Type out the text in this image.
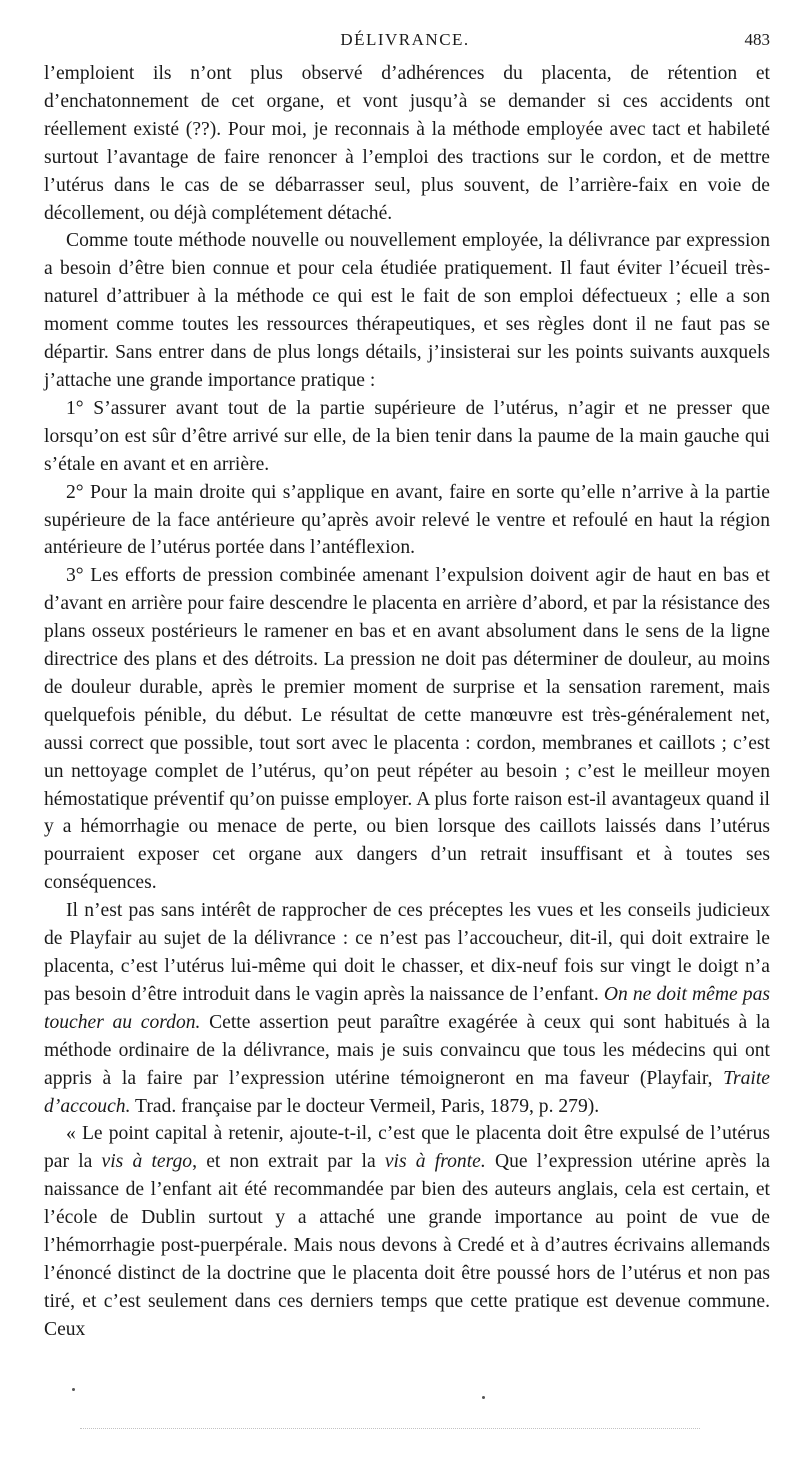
DÉLIVRANCE.	483

l’emploient ils n’ont plus observé d’adhérences du placenta, de rétention et d’enchatonnement de cet organe, et vont jusqu’à se demander si ces accidents ont réellement existé (??). Pour moi, je reconnais à la méthode employée avec tact et habileté surtout l’avantage de faire renoncer à l’emploi des tractions sur le cordon, et de mettre l’utérus dans le cas de se débarrasser seul, plus souvent, de l’arrière-faix en voie de décollement, ou déjà complétement détaché.

Comme toute méthode nouvelle ou nouvellement employée, la délivrance par expression a besoin d’être bien connue et pour cela étudiée pratiquement. Il faut éviter l’écueil très-naturel d’attribuer à la méthode ce qui est le fait de son emploi défectueux ; elle a son moment comme toutes les ressources thérapeutiques, et ses règles dont il ne faut pas se départir. Sans entrer dans de plus longs détails, j’insisterai sur les points suivants auxquels j’attache une grande importance pratique :

1° S’assurer avant tout de la partie supérieure de l’utérus, n’agir et ne presser que lorsqu’on est sûr d’être arrivé sur elle, de la bien tenir dans la paume de la main gauche qui s’étale en avant et en arrière.

2° Pour la main droite qui s’applique en avant, faire en sorte qu’elle n’arrive à la partie supérieure de la face antérieure qu’après avoir relevé le ventre et refoulé en haut la région antérieure de l’utérus portée dans l’antéflexion.

3° Les efforts de pression combinée amenant l’expulsion doivent agir de haut en bas et d’avant en arrière pour faire descendre le placenta en arrière d’abord, et par la résistance des plans osseux postérieurs le ramener en bas et en avant absolument dans le sens de la ligne directrice des plans et des détroits. La pression ne doit pas déterminer de douleur, au moins de douleur durable, après le premier moment de surprise et la sensation rarement, mais quelquefois pénible, du début. Le résultat de cette manœuvre est très-généralement net, aussi correct que possible, tout sort avec le placenta : cordon, membranes et caillots ; c’est un nettoyage complet de l’utérus, qu’on peut répéter au besoin ; c’est le meilleur moyen hémostatique préventif qu’on puisse employer. A plus forte raison est-il avantageux quand il y a hémorrhagie ou menace de perte, ou bien lorsque des caillots laissés dans l’utérus pourraient exposer cet organe aux dangers d’un retrait insuffisant et à toutes ses conséquences.

Il n’est pas sans intérêt de rapprocher de ces préceptes les vues et les conseils judicieux de Playfair au sujet de la délivrance : ce n’est pas l’accoucheur, dit-il, qui doit extraire le placenta, c’est l’utérus lui-même qui doit le chasser, et dix-neuf fois sur vingt le doigt n’a pas besoin d’être introduit dans le vagin après la naissance de l’enfant. On ne doit même pas toucher au cordon. Cette assertion peut paraître exagérée à ceux qui sont habitués à la méthode ordinaire de la délivrance, mais je suis convaincu que tous les médecins qui ont appris à la faire par l’expression utérine témoigneront en ma faveur (Playfair, Traite d’accouch. Trad. française par le docteur Vermeil, Paris, 1879, p. 279).

« Le point capital à retenir, ajoute-t-il, c’est que le placenta doit être expulsé de l’utérus par la vis à tergo, et non extrait par la vis à fronte. Que l’expression utérine après la naissance de l’enfant ait été recommandée par bien des auteurs anglais, cela est certain, et l’école de Dublin surtout y a attaché une grande importance au point de vue de l’hémorrhagie post-puerpérale. Mais nous devons à Credé et à d’autres écrivains allemands l’énoncé distinct de la doctrine que le placenta doit être poussé hors de l’utérus et non pas tiré, et c’est seulement dans ces derniers temps que cette pratique est devenue commune. Ceux
